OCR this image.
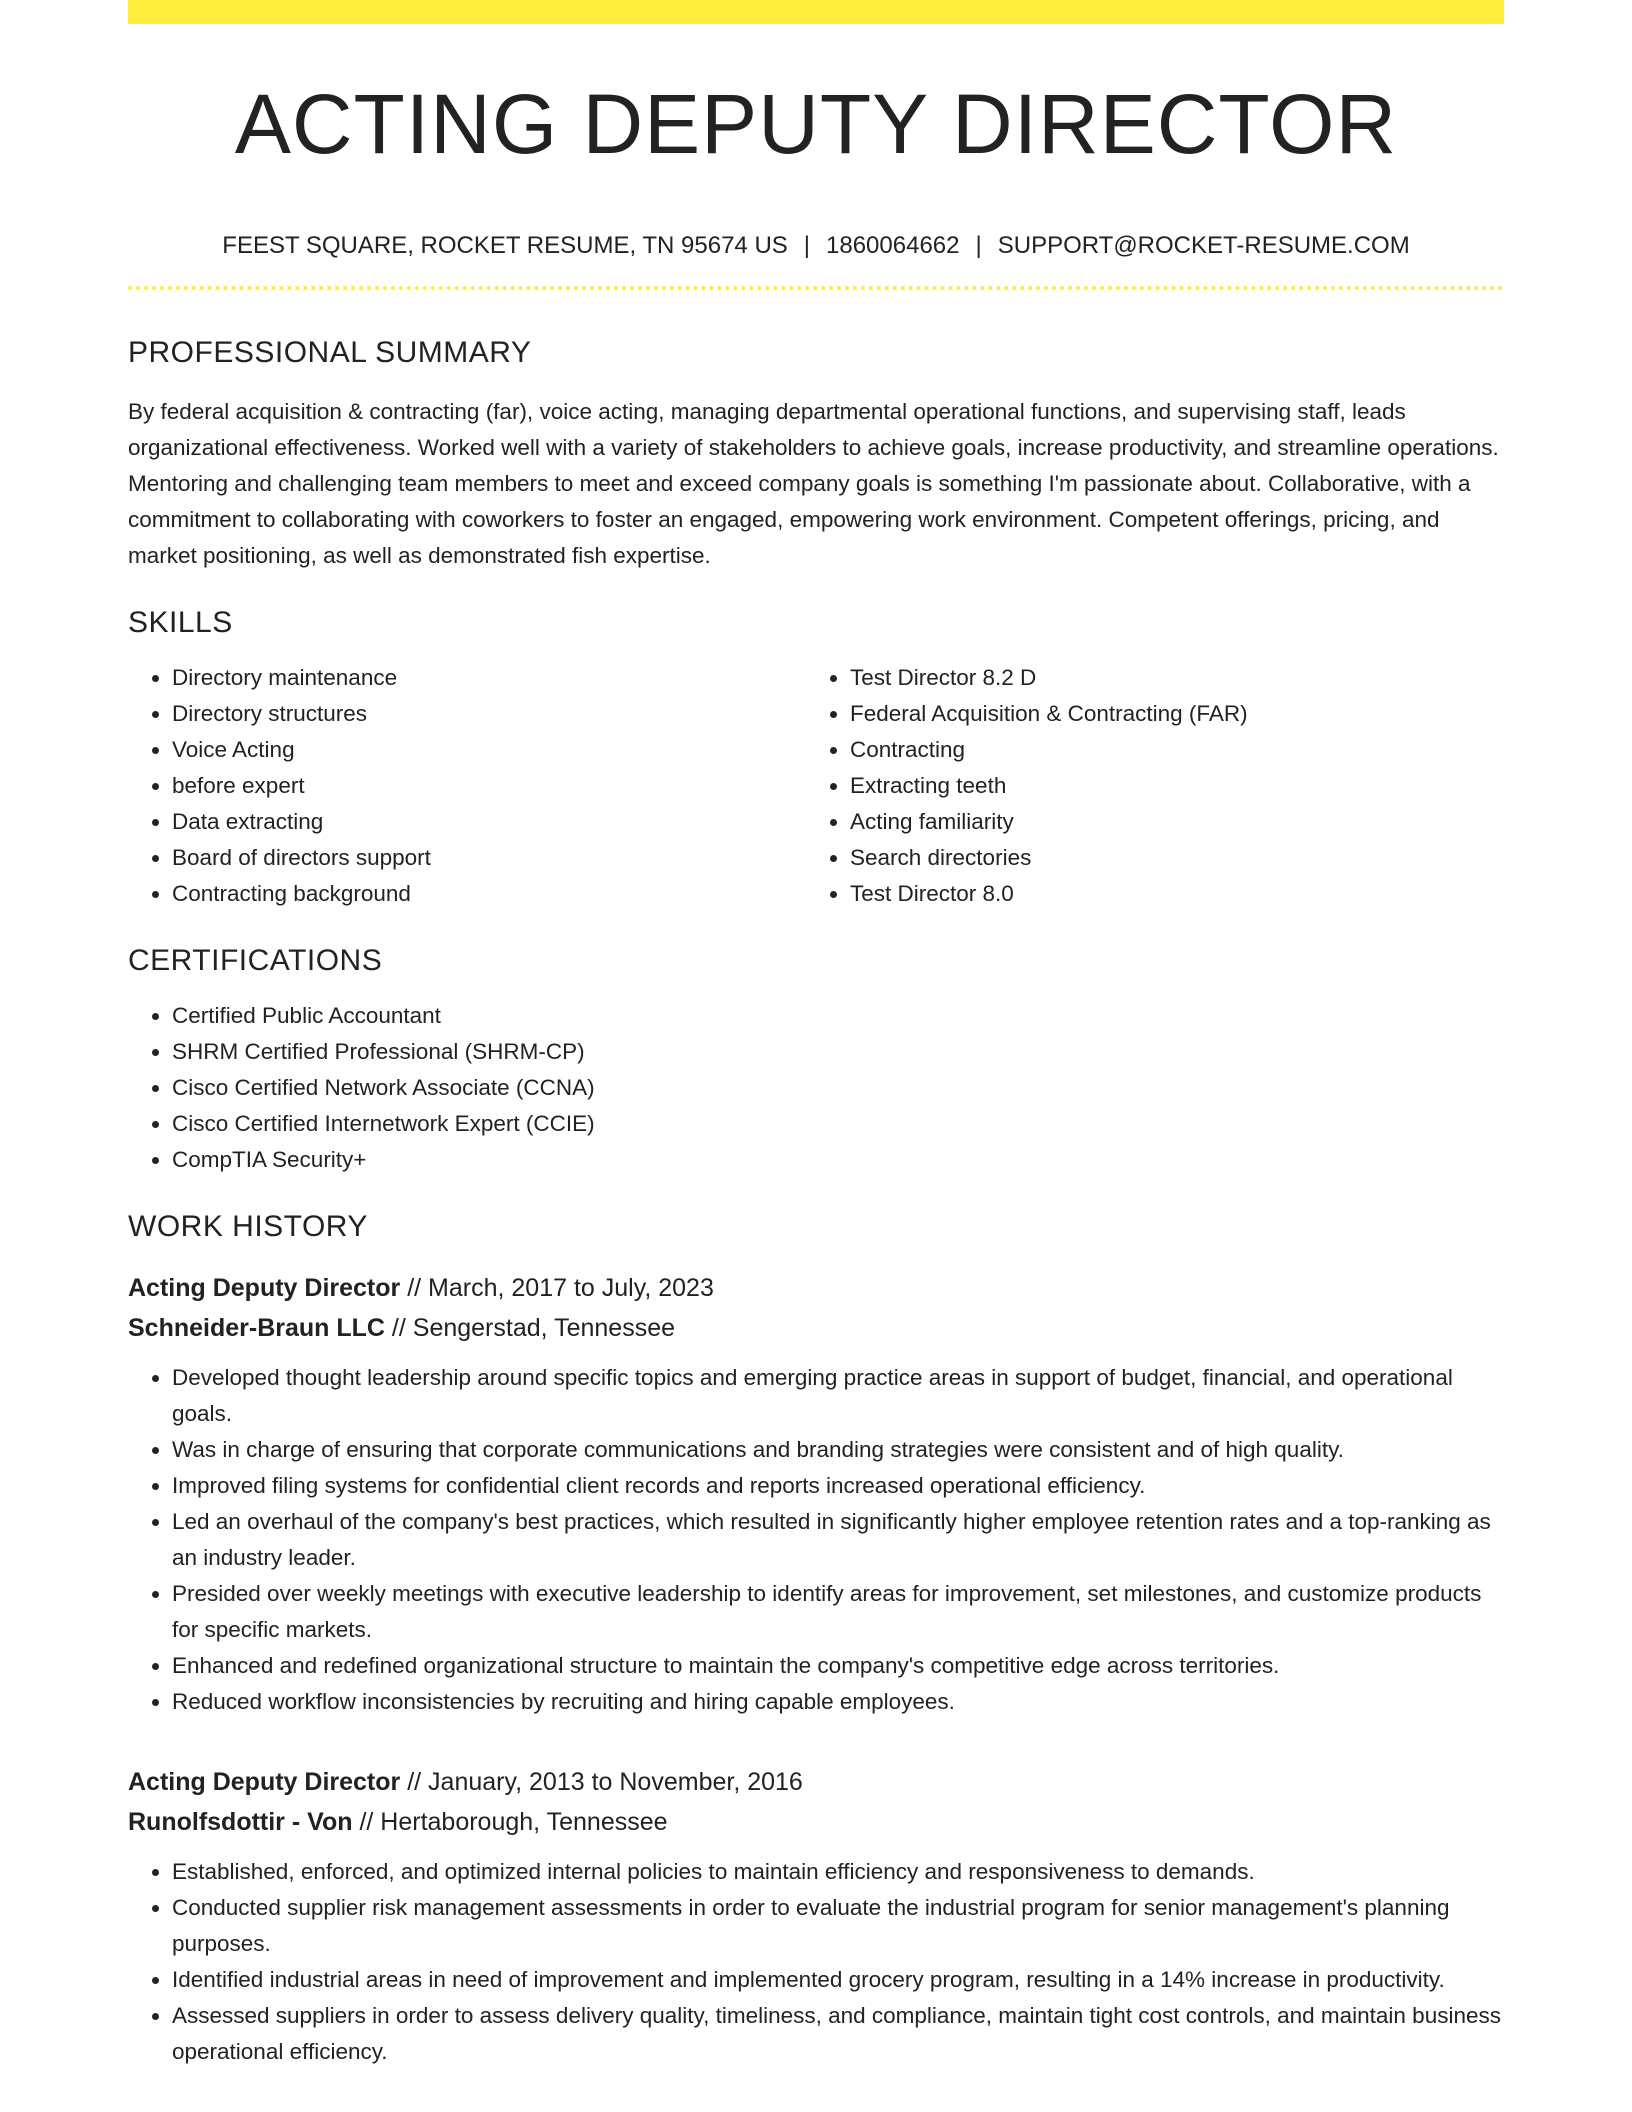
ACTING DEPUTY DIRECTOR
FEEST SQUARE, ROCKET RESUME, TN 95674 US | 1860064662 | SUPPORT@ROCKET-RESUME.COM
PROFESSIONAL SUMMARY

By federal acquisition & contracting (far), voice acting, managing departmental operational functions, and supervising staff, leads organizational effectiveness. Worked well with a variety of stakeholders to achieve goals, increase productivity, and streamline operations. Mentoring and challenging team members to meet and exceed company goals is something I'm passionate about. Collaborative, with a commitment to collaborating with coworkers to foster an engaged, empowering work environment. Competent offerings, pricing, and market positioning, as well as demonstrated fish expertise.

SKILLS
• Directory maintenance
• Directory structures
• Voice Acting
• before expert
• Data extracting
• Board of directors support
• Contracting background
• Test Director 8.2 D
• Federal Acquisition & Contracting (FAR)
• Contracting
• Extracting teeth
• Acting familiarity
• Search directories
• Test Director 8.0
CERTIFICATIONS
• Certified Public Accountant
• SHRM Certified Professional (SHRM-CP)
• Cisco Certified Network Associate (CCNA)
• Cisco Certified Internetwork Expert (CCIE)
• CompTIA Security+
WORK HISTORY
Acting Deputy Director // March, 2017 to July, 2023
Schneider-Braun LLC // Sengerstad, Tennessee
• Developed thought leadership around specific topics and emerging practice areas in support of budget, financial, and operational goals.
• Was in charge of ensuring that corporate communications and branding strategies were consistent and of high quality.
• Improved filing systems for confidential client records and reports increased operational efficiency.
• Led an overhaul of the company's best practices, which resulted in significantly higher employee retention rates and a top-ranking as an industry leader.
• Presided over weekly meetings with executive leadership to identify areas for improvement, set milestones, and customize products for specific markets.
• Enhanced and redefined organizational structure to maintain the company's competitive edge across territories.
• Reduced workflow inconsistencies by recruiting and hiring capable employees.
Acting Deputy Director // January, 2013 to November, 2016
Runolfsdottir - Von // Hertaborough, Tennessee
• Established, enforced, and optimized internal policies to maintain efficiency and responsiveness to demands.
• Conducted supplier risk management assessments in order to evaluate the industrial program for senior management's planning purposes.
• Identified industrial areas in need of improvement and implemented grocery program, resulting in a 14% increase in productivity.
• Assessed suppliers in order to assess delivery quality, timeliness, and compliance, maintain tight cost controls, and maintain business operational efficiency.
